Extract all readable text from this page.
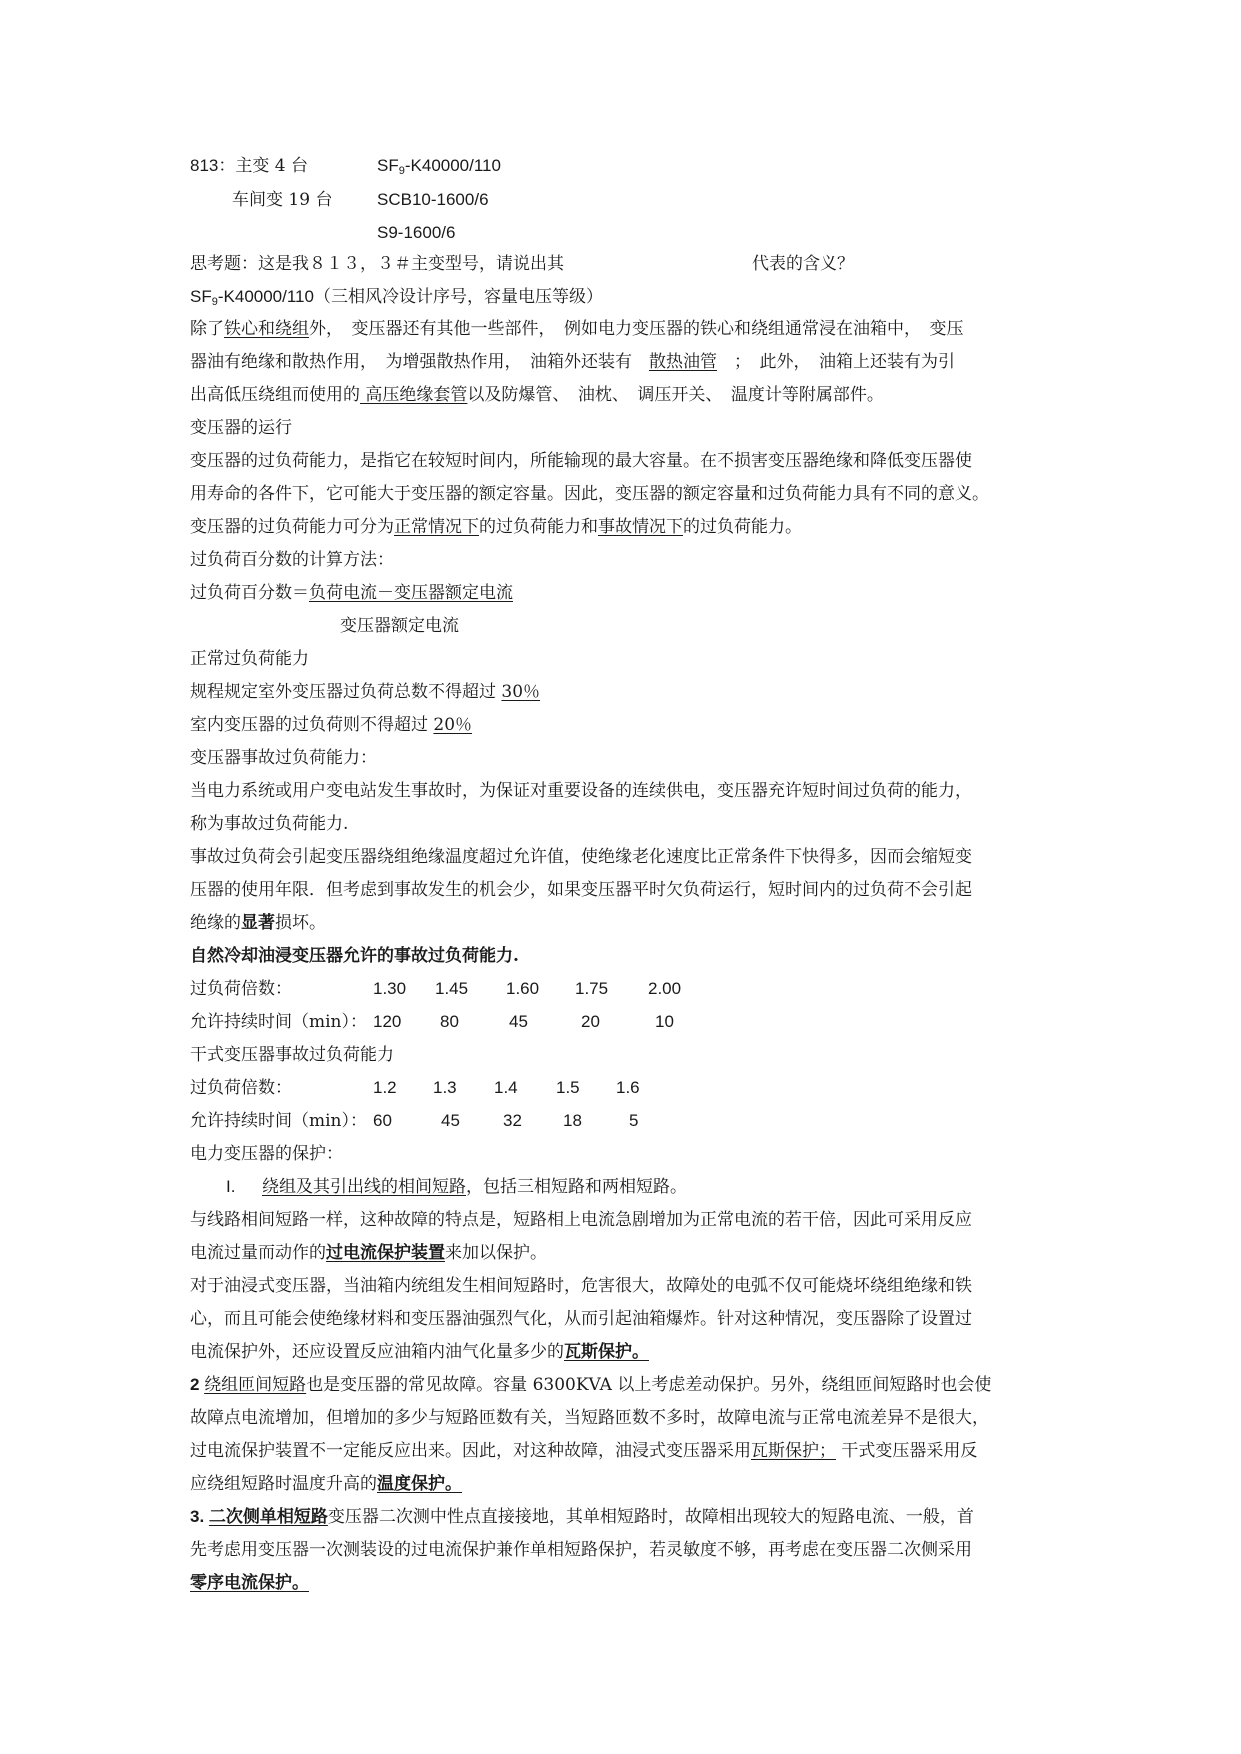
813：主变 4 台	$SF_9-K40000/110$
车间变 19 台	SCB10-1600/6
S9-1600/6
思考题：这是我８１３，３＃主变型号，请说出其	代表的含义？
$SF_9-K40000/110$（三相风冷设计序号，容量电压等级）
除了铁心和绕组外，　变压器还有其他一些部件，　例如电力变压器的铁心和绕组通常浸在油箱中，　变压
器油有绝缘和散热作用，　为增强散热作用，　油箱外还装有　散热油管　；　此外，　油箱上还装有为引
出高低压绕组而使用的 高压绝缘套管以及防爆管、　油枕、　调压开关、　温度计等附属部件。
变压器的运行
变压器的过负荷能力，是指它在较短时间内，所能输现的最大容量。在不损害变压器绝缘和降低变压器使
用寿命的各件下，它可能大于变压器的额定容量。因此，变压器的额定容量和过负荷能力具有不同的意义。
变压器的过负荷能力可分为正常情况下的过负荷能力和事故情况下的过负荷能力。
过负荷百分数的计算方法：
过负荷百分数＝负荷电流－变压器额定电流
变压器额定电流
正常过负荷能力
规程规定室外变压器过负荷总数不得超过 30％
室内变压器的过负荷则不得超过 20％
变压器事故过负荷能力：
当电力系统或用户变电站发生事故时，为保证对重要设备的连续供电，变压器充许短时间过负荷的能力，
称为事故过负荷能力.
事故过负荷会引起变压器绕组绝缘温度超过允许值，使绝缘老化速度比正常条件下快得多，因而会缩短变
压器的使用年限．但考虑到事故发生的机会少，如果变压器平时欠负荷运行，短时间内的过负荷不会引起
绝缘的显著损坏。
自然冷却油浸变压器允许的事故过负荷能力.
过负荷倍数：	1.30 1.45 1.60 1.75 2.00
允许持续时间（min）： 120 80	45	20	10
干式变压器事故过负荷能力
过负荷倍数：	1.2 1.3 1.4 1.5 1.6
允许持续时间（min）： 60	45	32 18	5
电力变压器的保护：
I. 绕组及其引出线的相间短路，包括三相短路和两相短路。
与线路相间短路一样，这种故障的特点是，短路相上电流急剧增加为正常电流的若干倍，因此可采用反应
电流过量而动作的过电流保护装置来加以保护。
对于油浸式变压器，当油箱内统组发生相间短路时，危害很大，故障处的电弧不仅可能烧坏绕组绝缘和铁
心，而且可能会使绝缘材料和变压器油强烈气化，从而引起油箱爆炸。针对这种情况，变压器除了设置过
电流保护外，还应设置反应油箱内油气化量多少的瓦斯保护。
2 绕组匝间短路也是变压器的常见故障。容量 6300KVA 以上考虑差动保护。另外，绕组匝间短路时也会使
故障点电流增加，但增加的多少与短路匝数有关，当短路匝数不多时，故障电流与正常电流差异不是很大，
过电流保护装置不一定能反应出来。因此，对这种故障，油浸式变压器采用瓦斯保护； 干式变压器采用反
应绕组短路时温度升高的温度保护。
3. 二次侧单相短路变压器二次测中性点直接接地，其单相短路时，故障相出现较大的短路电流、一般，首
先考虑用变压器一次测装设的过电流保护兼作单相短路保护，若灵敏度不够，再考虑在变压器二次侧采用
零序电流保护。
